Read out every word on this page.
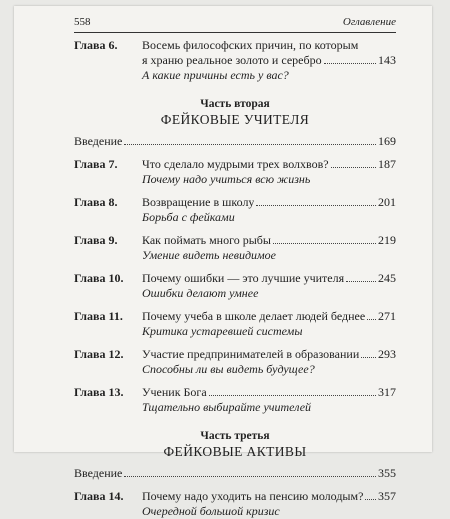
558	Оглавление
Глава 6. Восемь философских причин, по которым
я храню реальное золото и серебро	143
А какие причины есть у вас?
Часть вторая
ФЕЙКОВЫЕ УЧИТЕЛЯ
Введение	169
Глава 7. Что сделало мудрыми трех волхвов?	187
Почему надо учиться всю жизнь
Глава 8. Возвращение в школу	201
Борьба с фейками
Глава 9. Как поймать много рыбы	219
Умение видеть невидимое
Глава 10. Почему ошибки — это лучшие учителя	245
Ошибки делают умнее
Глава 11. Почему учеба в школе делает людей беднее 271
Критика устаревшей системы
Глава 12. Участие предпринимателей в образовании 293
Способны ли вы видеть будущее?
Глава 13. Ученик Бога	317
Тщательно выбирайте учителей
Часть третья
ФЕЙКОВЫЕ АКТИВЫ
Введение	355
Глава 14. Почему надо уходить на пенсию молодым? 357
Очередной большой кризис
